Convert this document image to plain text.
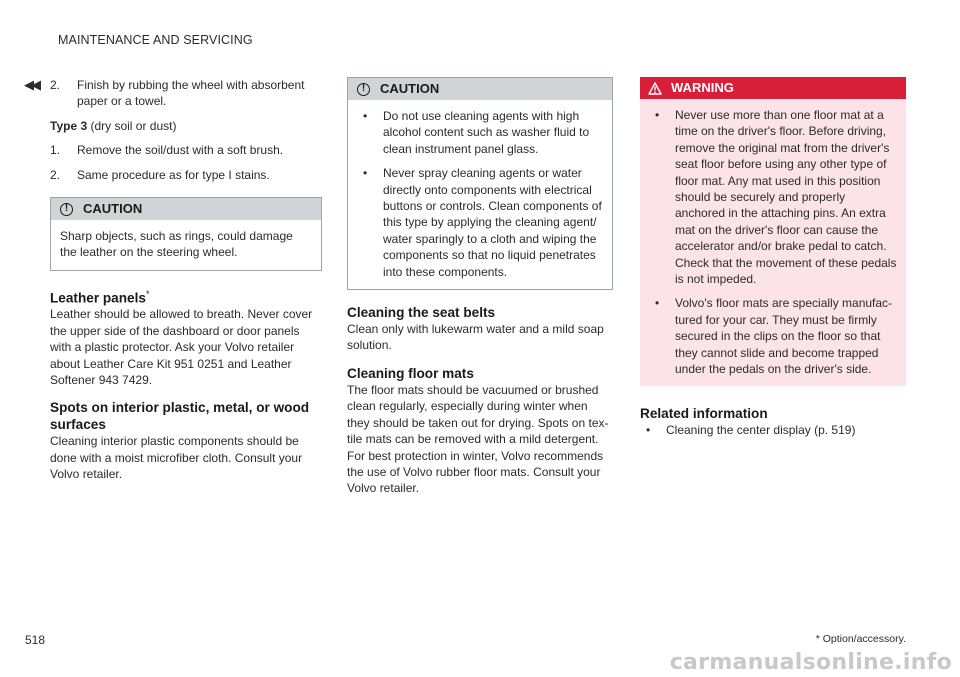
MAINTENANCE AND SERVICING
◀◀ 2. Finish by rubbing the wheel with absorbent paper or a towel.
Type 3 (dry soil or dust)
1. Remove the soil/dust with a soft brush.
2. Same procedure as for type I stains.
!	CAUTION
Sharp objects, such as rings, could damage the leather on the steering wheel.
Leather panels*

Leather should be allowed to breath. Never cover the upper side of the dashboard or door panels with a plastic protector. Ask your Volvo retailer about Leather Care Kit 951 0251 and Leather Softener 943 7429.

Spots on interior plastic, metal, or wood surfaces

Cleaning interior plastic components should be done with a moist microfiber cloth. Consult your Volvo retailer.

!	CAUTION
• Do not use cleaning agents with high alcohol content such as washer fluid to clean instrument panel glass.
• Never spray cleaning agents or water directly onto components with electrical buttons or controls. Clean components of this type by applying the cleaning agent/ water sparingly to a cloth and wiping the components so that no liquid penetrates into these components.
Cleaning the seat belts

Clean only with lukewarm water and a mild soap solution.

Cleaning floor mats

The floor mats should be vacuumed or brushed clean regularly, especially during winter when they should be taken out for drying. Spots on tex-tile mats can be removed with a mild detergent. For best protection in winter, Volvo recommends the use of Volvo rubber floor mats. Consult your Volvo retailer.

WARNING
• Never use more than one floor mat at a time on the driver's floor. Before driving, remove the original mat from the driver's seat floor before using any other type of floor mat. Any mat used in this position should be securely and properly anchored in the attaching pins. An extra mat on the driver's floor can cause the accelerator and/or brake pedal to catch. Check that the movement of these pedals is not impeded.
• Volvo's floor mats are specially manufac-tured for your car. They must be firmly secured in the clips on the floor so that they cannot slide and become trapped under the pedals on the driver's side.
Related information
• Cleaning the center display (p. 519)
* Option/accessory.
518
carmanualsonline.info
